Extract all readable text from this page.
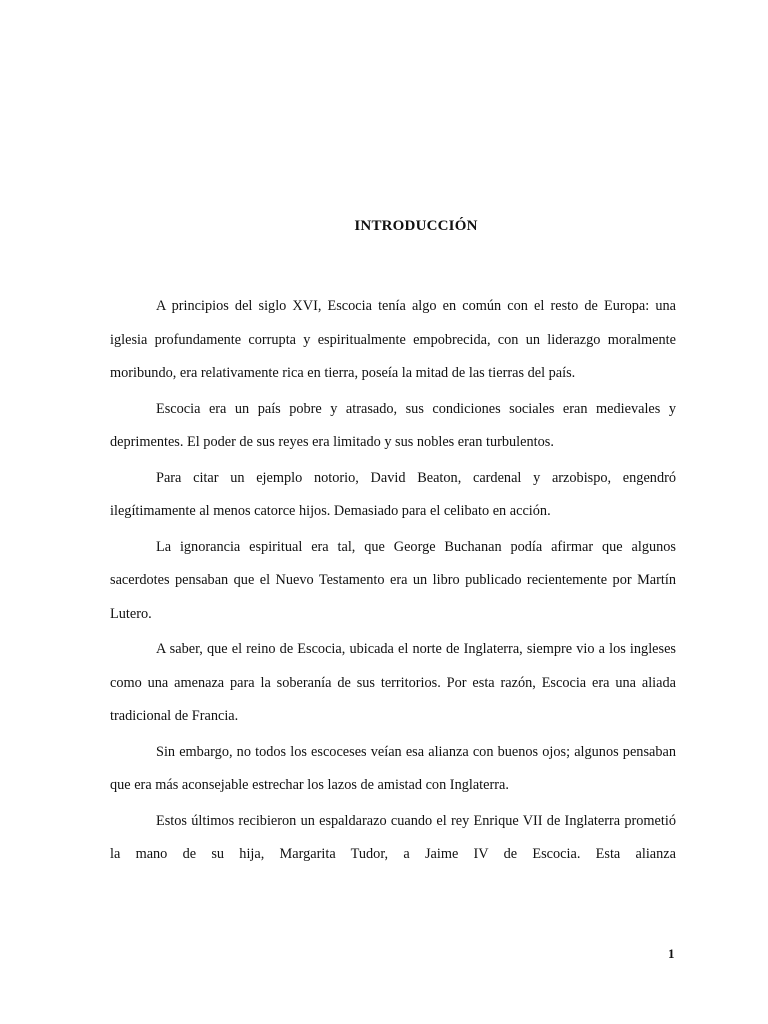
INTRODUCCIÓN

A principios del siglo XVI, Escocia tenía algo en común con el resto de Europa: una iglesia profundamente corrupta y espiritualmente empobrecida, con un liderazgo moralmente moribundo, era relativamente rica en tierra, poseía la mitad de las tierras del país.

Escocia era un país pobre y atrasado, sus condiciones sociales eran medievales y deprimentes. El poder de sus reyes era limitado y sus nobles eran turbulentos.

Para citar un ejemplo notorio, David Beaton, cardenal y arzobispo, engendró ilegítimamente al menos catorce hijos. Demasiado para el celibato en acción.

La ignorancia espiritual era tal, que George Buchanan podía afirmar que algunos sacerdotes pensaban que el Nuevo Testamento era un libro publicado recientemente por Martín Lutero.

A saber, que el reino de Escocia, ubicada el norte de Inglaterra, siempre vio a los ingleses como una amenaza para la soberanía de sus territorios. Por esta razón, Escocia era una aliada tradicional de Francia.

Sin embargo, no todos los escoceses veían esa alianza con buenos ojos; algunos pensaban que era más aconsejable estrechar los lazos de amistad con Inglaterra.

Estos últimos recibieron un espaldarazo cuando el rey Enrique VII de Inglaterra prometió la mano de su hija, Margarita Tudor, a Jaime IV de Escocia. Esta alianza

1
